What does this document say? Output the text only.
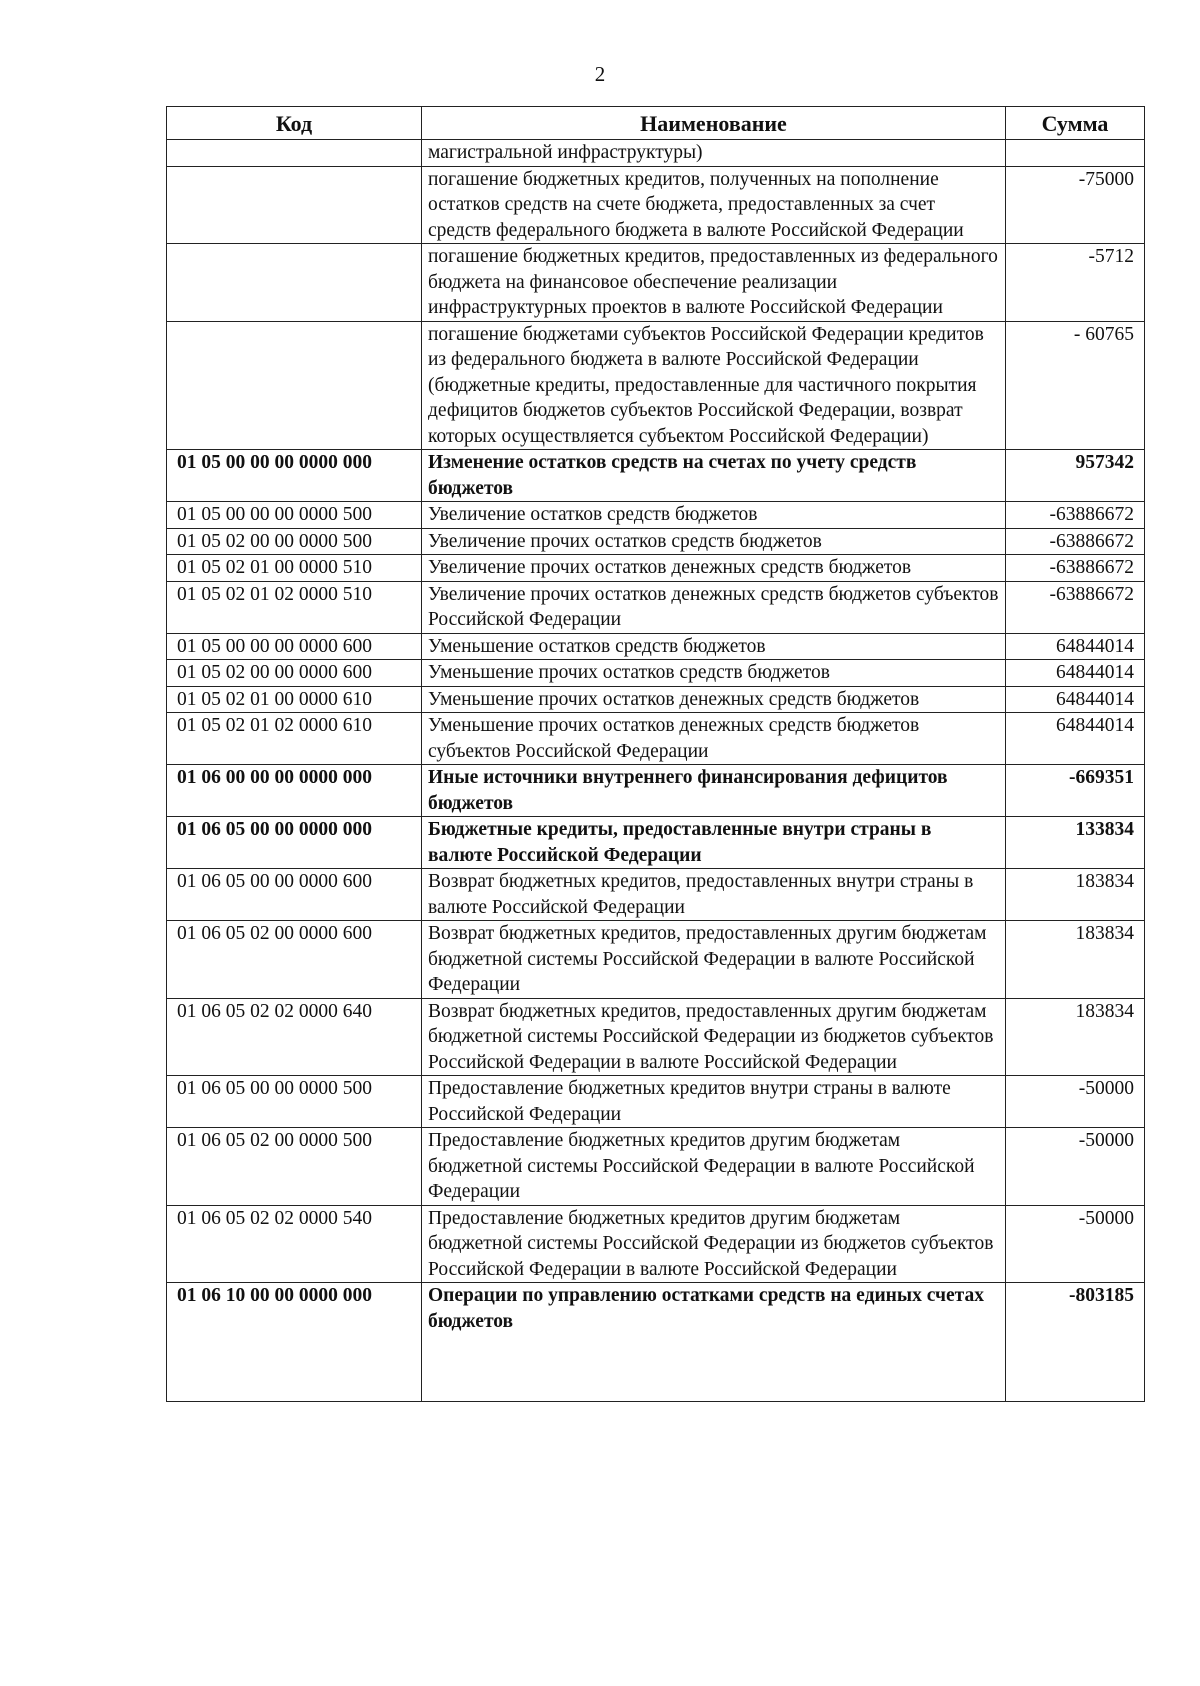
2
Код	Наименование	Сумма
	магистральной инфраструктуры)	
	погашение бюджетных кредитов, полученных на пополнение остатков средств на счете бюджета, предоставленных за счет средств федерального бюджета в валюте Российской Федерации	-75000
	погашение бюджетных кредитов, предоставленных из федерального бюджета на финансовое обеспечение реализации инфраструктурных проектов в валюте Российской Федерации	-5712
	погашение бюджетами субъектов Российской Федерации кредитов из федерального бюджета в валюте Российской Федерации (бюджетные кредиты, предоставленные для частичного покрытия дефицитов бюджетов субъектов Российской Федерации, возврат которых осуществляется субъектом Российской Федерации)	- 60765
01 05 00 00 00 0000 000	Изменение остатков средств на счетах по учету средств бюджетов	957342
01 05 00 00 00 0000 500	Увеличение остатков средств бюджетов	-63886672
01 05 02 00 00 0000 500	Увеличение прочих остатков средств бюджетов	-63886672
01 05 02 01 00 0000 510	Увеличение прочих остатков денежных средств бюджетов	-63886672
01 05 02 01 02 0000 510	Увеличение прочих остатков денежных средств бюджетов субъектов Российской Федерации	-63886672
01 05 00 00 00 0000 600	Уменьшение остатков средств бюджетов	64844014
01 05 02 00 00 0000 600	Уменьшение прочих остатков средств бюджетов	64844014
01 05 02 01 00 0000 610	Уменьшение прочих остатков денежных средств бюджетов	64844014
01 05 02 01 02 0000 610	Уменьшение прочих остатков денежных средств бюджетов субъектов Российской Федерации	64844014
01 06 00 00 00 0000 000	Иные источники внутреннего финансирования дефицитов бюджетов	-669351
01 06 05 00 00 0000 000	Бюджетные кредиты, предоставленные внутри страны в валюте Российской Федерации	133834
01 06 05 00 00 0000 600	Возврат бюджетных кредитов, предоставленных внутри страны в валюте Российской Федерации	183834
01 06 05 02 00 0000 600	Возврат бюджетных кредитов, предоставленных другим бюджетам бюджетной системы Российской Федерации в валюте Российской Федерации	183834
01 06 05 02 02 0000 640	Возврат бюджетных кредитов, предоставленных другим бюджетам бюджетной системы Российской Федерации из бюджетов субъектов Российской Федерации в валюте Российской Федерации	183834
01 06 05 00 00 0000 500	Предоставление бюджетных кредитов внутри страны в валюте Российской Федерации	-50000
01 06 05 02 00 0000 500	Предоставление бюджетных кредитов другим бюджетам бюджетной системы Российской Федерации в валюте Российской Федерации	-50000
01 06 05 02 02 0000 540	Предоставление бюджетных кредитов другим бюджетам бюджетной системы Российской Федерации из бюджетов субъектов Российской Федерации в валюте Российской Федерации	-50000
01 06 10 00 00 0000 000	Операции по управлению остатками средств на единых счетах бюджетов	-803185
